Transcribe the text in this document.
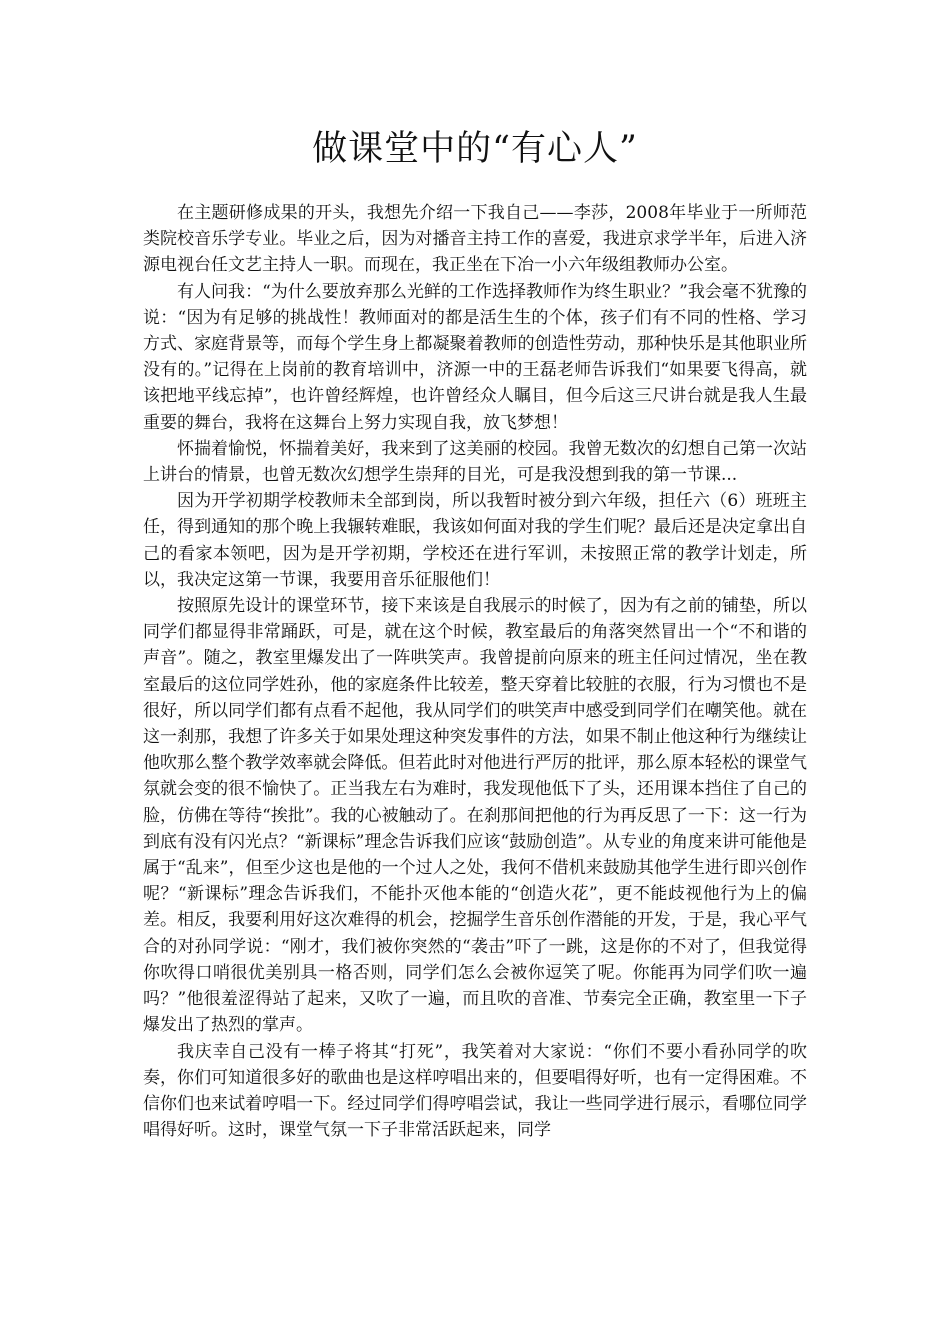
做课堂中的“有心人”

在主题研修成果的开头，我想先介绍一下我自己——李莎，2008年毕业于一所师范类院校音乐学专业。毕业之后，因为对播音主持工作的喜爱，我进京求学半年，后进入济源电视台任文艺主持人一职。而现在，我正坐在下冶一小六年级组教师办公室。

有人问我：“为什么要放弃那么光鲜的工作选择教师作为终生职业？”我会毫不犹豫的说：“因为有足够的挑战性！教师面对的都是活生生的个体，孩子们有不同的性格、学习方式、家庭背景等，而每个学生身上都凝聚着教师的创造性劳动，那种快乐是其他职业所没有的。”记得在上岗前的教育培训中，济源一中的王磊老师告诉我们“如果要飞得高，就该把地平线忘掉”，也许曾经辉煌，也许曾经众人瞩目，但今后这三尺讲台就是我人生最重要的舞台，我将在这舞台上努力实现自我，放飞梦想！

怀揣着愉悦，怀揣着美好，我来到了这美丽的校园。我曾无数次的幻想自己第一次站上讲台的情景，也曾无数次幻想学生崇拜的目光，可是我没想到我的第一节课...

因为开学初期学校教师未全部到岗，所以我暂时被分到六年级，担任六（6）班班主任，得到通知的那个晚上我辗转难眠，我该如何面对我的学生们呢？最后还是决定拿出自己的看家本领吧，因为是开学初期，学校还在进行军训，未按照正常的教学计划走，所以，我决定这第一节课，我要用音乐征服他们！

按照原先设计的课堂环节，接下来该是自我展示的时候了，因为有之前的铺垫，所以同学们都显得非常踊跃，可是，就在这个时候，教室最后的角落突然冒出一个“不和谐的声音”。随之，教室里爆发出了一阵哄笑声。我曾提前向原来的班主任问过情况，坐在教室最后的这位同学姓孙，他的家庭条件比较差，整天穿着比较脏的衣服，行为习惯也不是很好，所以同学们都有点看不起他，我从同学们的哄笑声中感受到同学们在嘲笑他。就在这一刹那，我想了许多关于如果处理这种突发事件的方法，如果不制止他这种行为继续让他吹那么整个教学效率就会降低。但若此时对他进行严厉的批评，那么原本轻松的课堂气氛就会变的很不愉快了。正当我左右为难时，我发现他低下了头，还用课本挡住了自己的脸，仿佛在等待“挨批”。我的心被触动了。在刹那间把他的行为再反思了一下：这一行为到底有没有闪光点？“新课标”理念告诉我们应该“鼓励创造”。从专业的角度来讲可能他是属于“乱来”，但至少这也是他的一个过人之处，我何不借机来鼓励其他学生进行即兴创作呢？“新课标”理念告诉我们，不能扑灭他本能的“创造火花”，更不能歧视他行为上的偏差。相反，我要利用好这次难得的机会，挖掘学生音乐创作潜能的开发，于是，我心平气合的对孙同学说：“刚才，我们被你突然的“袭击”吓了一跳，这是你的不对了，但我觉得你吹得口哨很优美别具一格否则，同学们怎么会被你逗笑了呢。你能再为同学们吹一遍吗？”他很羞涩得站了起来，又吹了一遍，而且吹的音准、节奏完全正确，教室里一下子爆发出了热烈的掌声。

我庆幸自己没有一棒子将其“打死”，我笑着对大家说：“你们不要小看孙同学的吹奏，你们可知道很多好的歌曲也是这样哼唱出来的，但要唱得好听，也有一定得困难。不信你们也来试着哼唱一下。经过同学们得哼唱尝试，我让一些同学进行展示，看哪位同学唱得好听。这时，课堂气氛一下子非常活跃起来，同学
